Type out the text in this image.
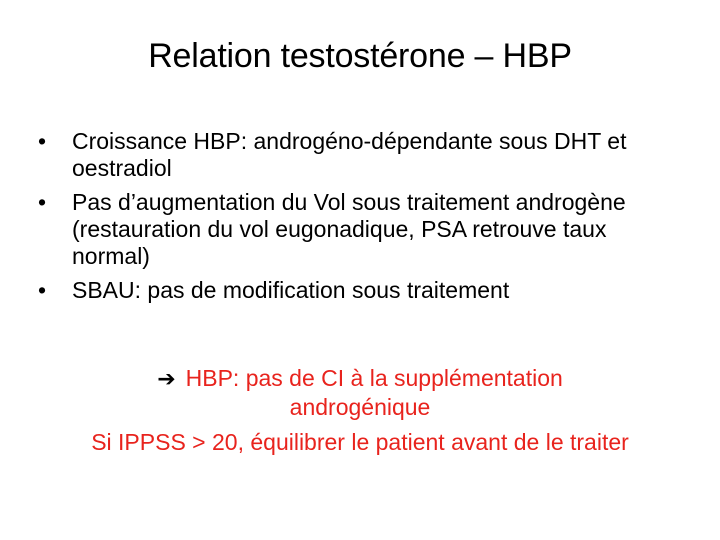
Relation testostérone – HBP
•	Croissance HBP: androgéno-dépendante sous DHT et oestradiol
•	Pas d’augmentation du Vol sous traitement androgène (restauration du vol eugonadique, PSA retrouve taux normal)
•	SBAU: pas de modification sous traitement
➔ HBP: pas de CI à la supplémentation
androgénique
Si IPPSS > 20, équilibrer le patient avant de le traiter
